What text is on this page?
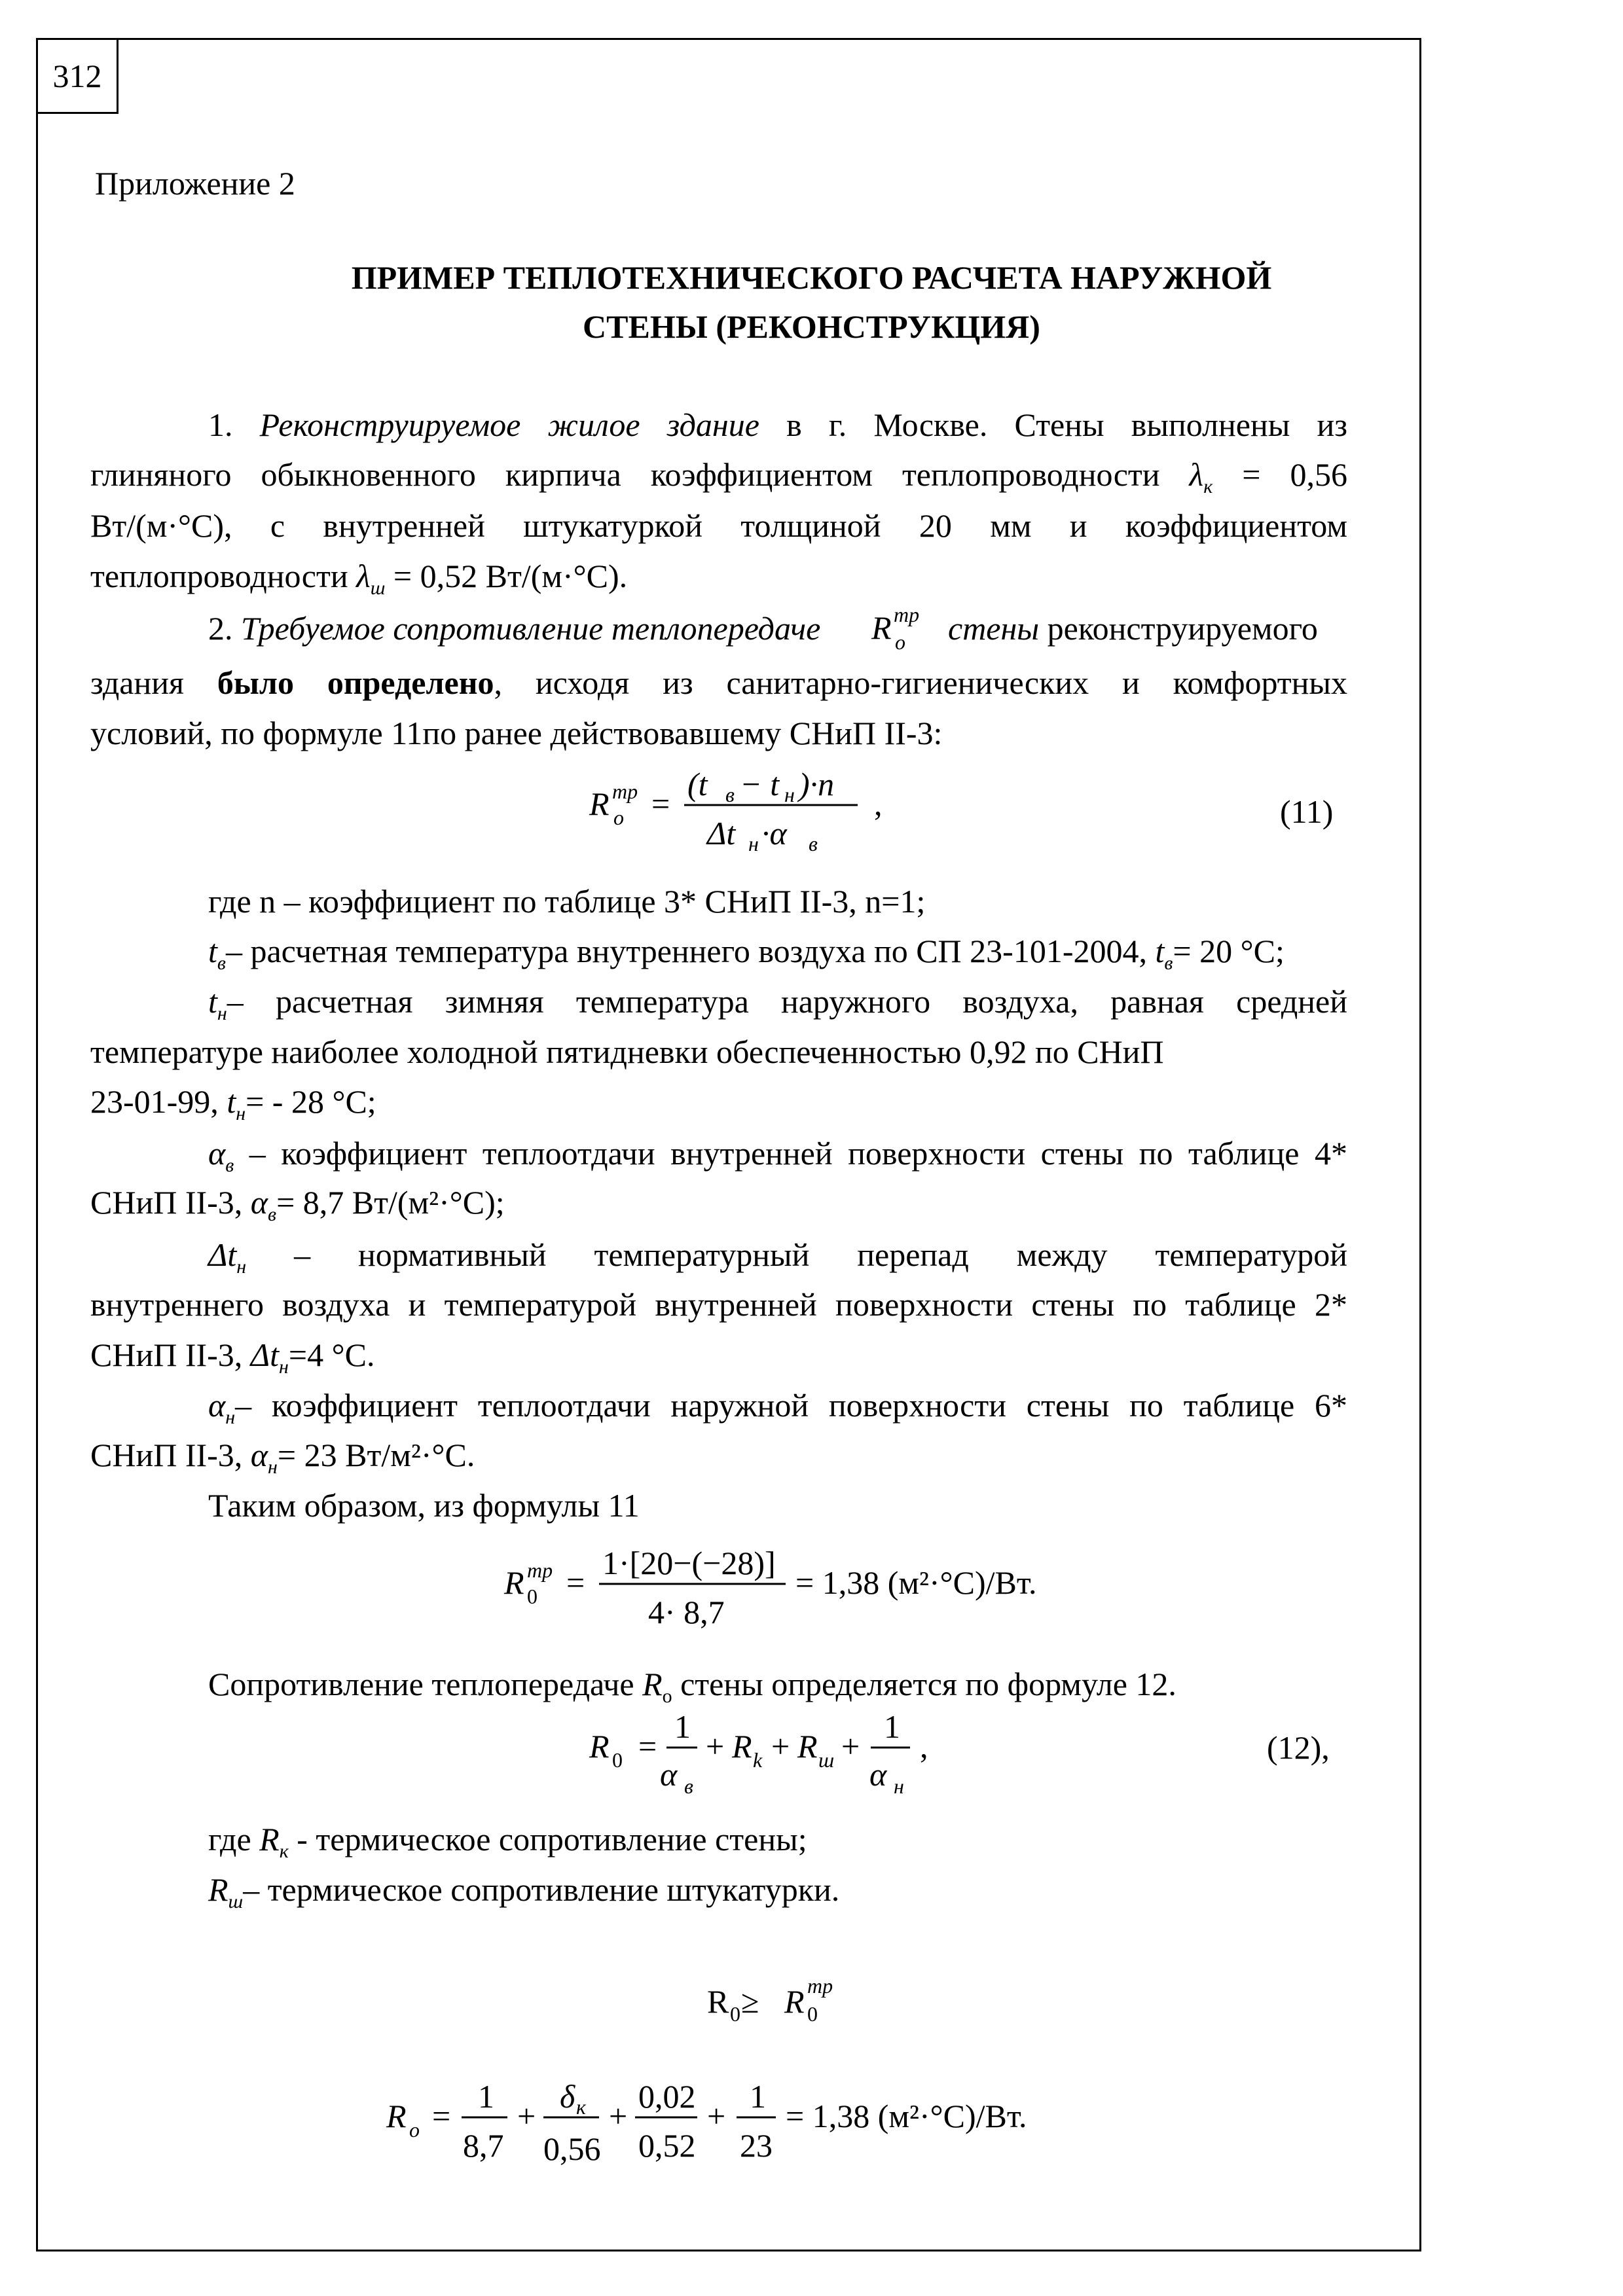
312
Приложение 2
ПРИМЕР ТЕПЛОТЕХНИЧЕСКОГО РАСЧЕТА НАРУЖНОЙ
СТЕНЫ (РЕКОНСТРУКЦИЯ)
1. Реконструируемое жилое здание в г. Москве. Стены выполнены из
глиняного обыкновенного кирпича коэффициентом теплопроводности $\lambda_к = 0,56$
Вт/(м·°С), с внутренней штукатуркой толщиной 20 мм и коэффициентом
теплопроводности $\lambda_ш = 0,52$ Вт/(м·°С).
2. Требуемое сопротивление теплопередаче R тр
o стены реконструируемого
здания было определено, исходя из санитарно-гигиенических и комфортных
условий, по формуле 11по ранее действовавшему СНиП II-3:
R тр
o =
(t в − t н )·n
Δt н ·α в
,	(11)
где n – коэффициент по таблице 3* СНиП II-3, n=1;
$t_в-$ расчетная температура внутреннего воздуха по СП 23-101-2004, $t_в= 20$ °С;
$t_н-$ расчетная зимняя температура наружного воздуха, равная средней
температуре наиболее холодной пятидневки обеспеченностью 0,92 по СНиП
23-01-99, $t_н= - 28$ °С;
$\alpha_в$ – коэффициент теплоотдачи внутренней поверхности стены по таблице 4*
СНиП II-3, $\alpha_в= 8,7$ Вт/(м²·°С);
$\Delta t_н$ – нормативный температурный перепад между температурой
внутреннего воздуха и температурой внутренней поверхности стены по таблице 2*
СНиП II-3, $\Delta t_н=4$ °С.
$\alpha_н-$ коэффициент теплоотдачи наружной поверхности стены по таблице 6*
СНиП II-3, $\alpha_н= 23$ Вт/м²·°С.
Таким образом, из формулы 11
R тр
0 =
1·[20−(−28)]
4· 8,7
= 1,38 (м²·°С)/Вт.
Сопротивление теплопередаче $R_о$ стены определяется по формуле 12.
R 0 =
1
α в
+ R k + R ш +
1
α н
,	(12),
где $R_к$ - термическое сопротивление стены;
$R_ш-$ термическое сопротивление штукатурки.
R 0 ≥ R 0
тр
R o =
1
8,7
+
δ к
0,56
+
0,02
0,52
+
1
23
= 1,38 (м²·°С)/Вт.
